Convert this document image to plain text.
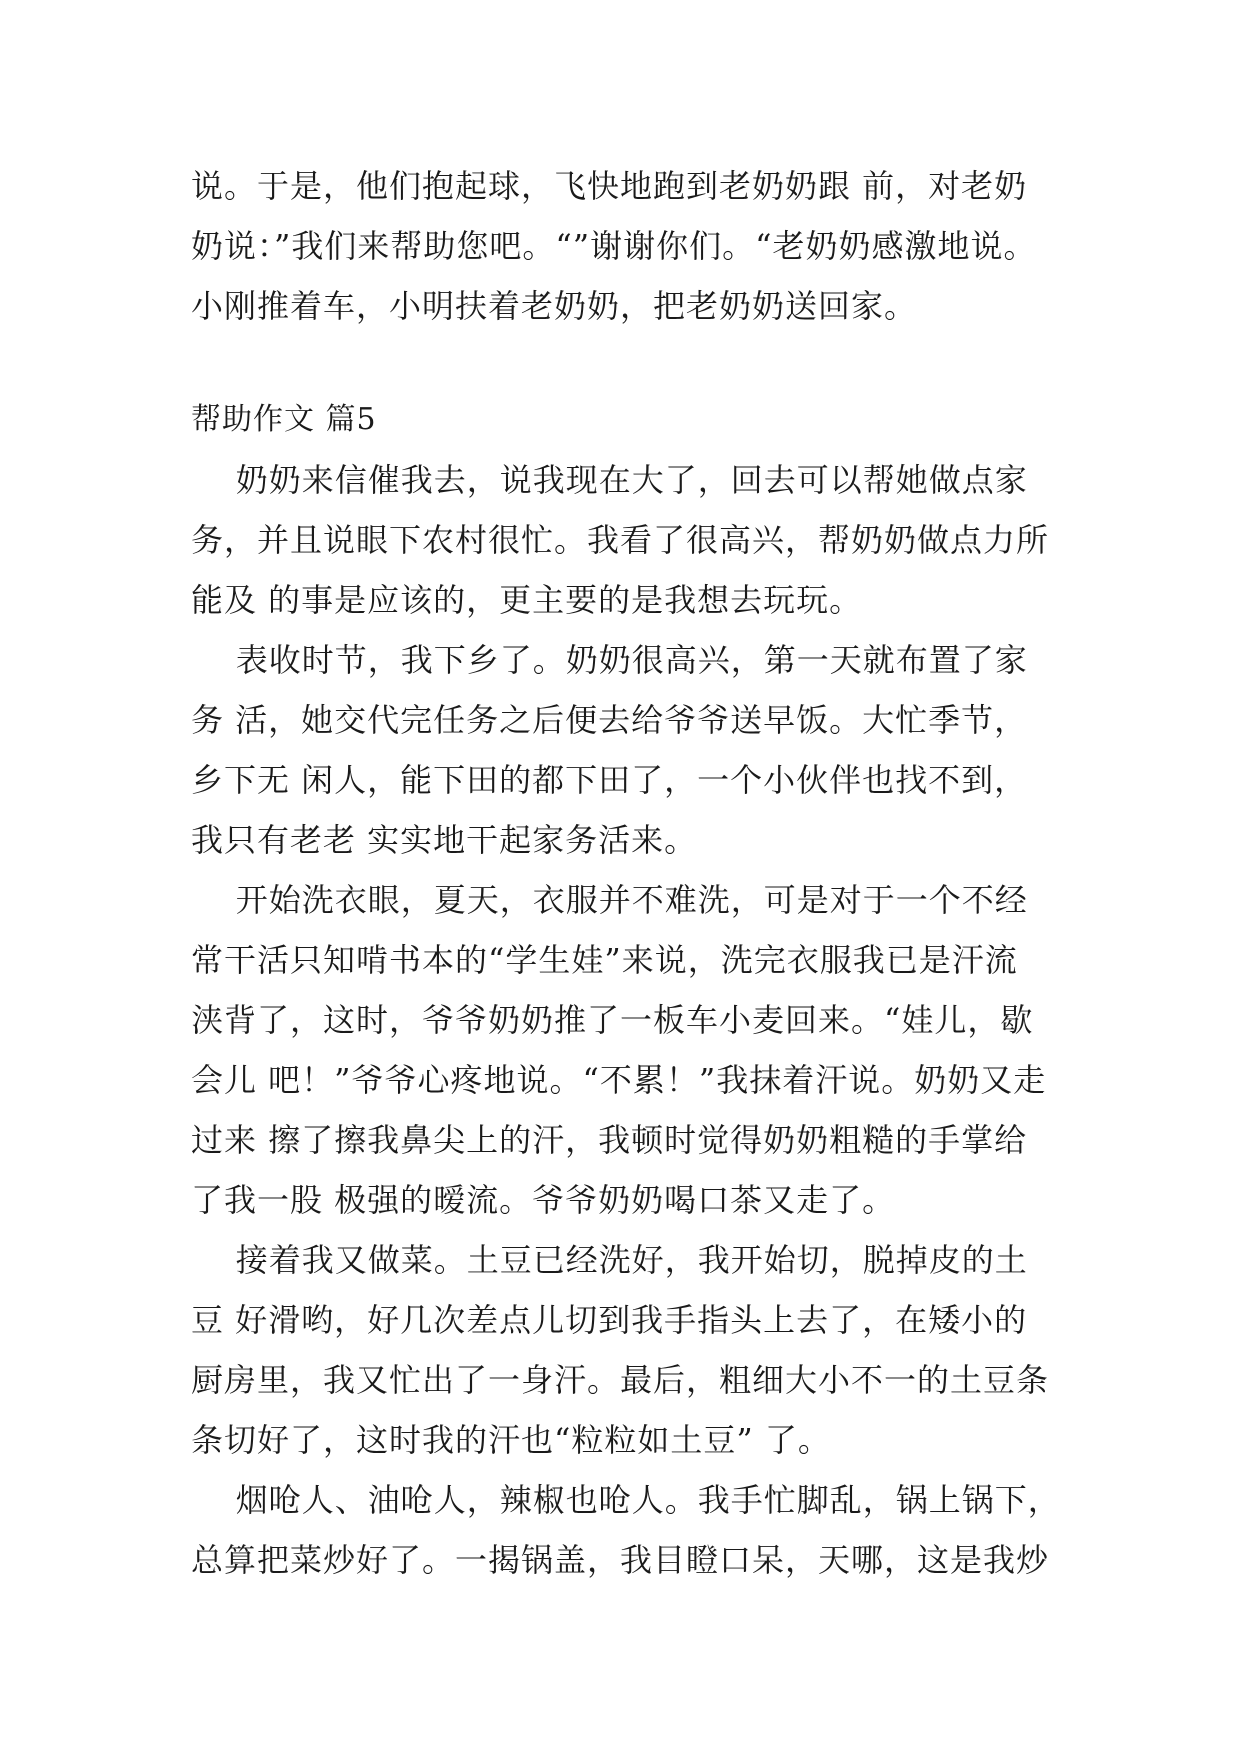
说。于是，他们抱起球，飞快地跑到老奶奶跟 前，对老奶
奶说：”我们来帮助您吧。“”谢谢你们。“老奶奶感激地说。
小刚推着车，小明扶着老奶奶，把老奶奶送回家。
帮助作文 篇5
奶奶来信催我去，说我现在大了，回去可以帮她做点家
务，并且说眼下农村很忙。我看了很高兴，帮奶奶做点力所
能及 的事是应该的，更主要的是我想去玩玩。
表收时节，我下乡了。奶奶很高兴，第一天就布置了家
务 活，她交代完任务之后便去给爷爷送早饭。大忙季节，
乡下无 闲人，能下田的都下田了，一个小伙伴也找不到，
我只有老老 实实地干起家务活来。
开始洗衣眼，夏天，衣服并不难洗，可是对于一个不经
常干活只知啃书本的“学生娃”来说，洗完衣服我已是汗流
浃背了，这时，爷爷奶奶推了一板车小麦回来。“娃儿，歇
会儿 吧！”爷爷心疼地说。“不累！”我抹着汗说。奶奶又走
过来 擦了擦我鼻尖上的汗，我顿时觉得奶奶粗糙的手掌给
了我一股 极强的暧流。爷爷奶奶喝口茶又走了。
接着我又做菜。土豆已经洗好，我开始切，脱掉皮的土
豆 好滑哟，好几次差点儿切到我手指头上去了，在矮小的
厨房里，我又忙出了一身汗。最后，粗细大小不一的土豆条
条切好了，这时我的汗也“粒粒如土豆” 了。
烟呛人、油呛人，辣椒也呛人。我手忙脚乱，锅上锅下，
总算把菜炒好了。一揭锅盖，我目瞪口呆，天哪，这是我炒
